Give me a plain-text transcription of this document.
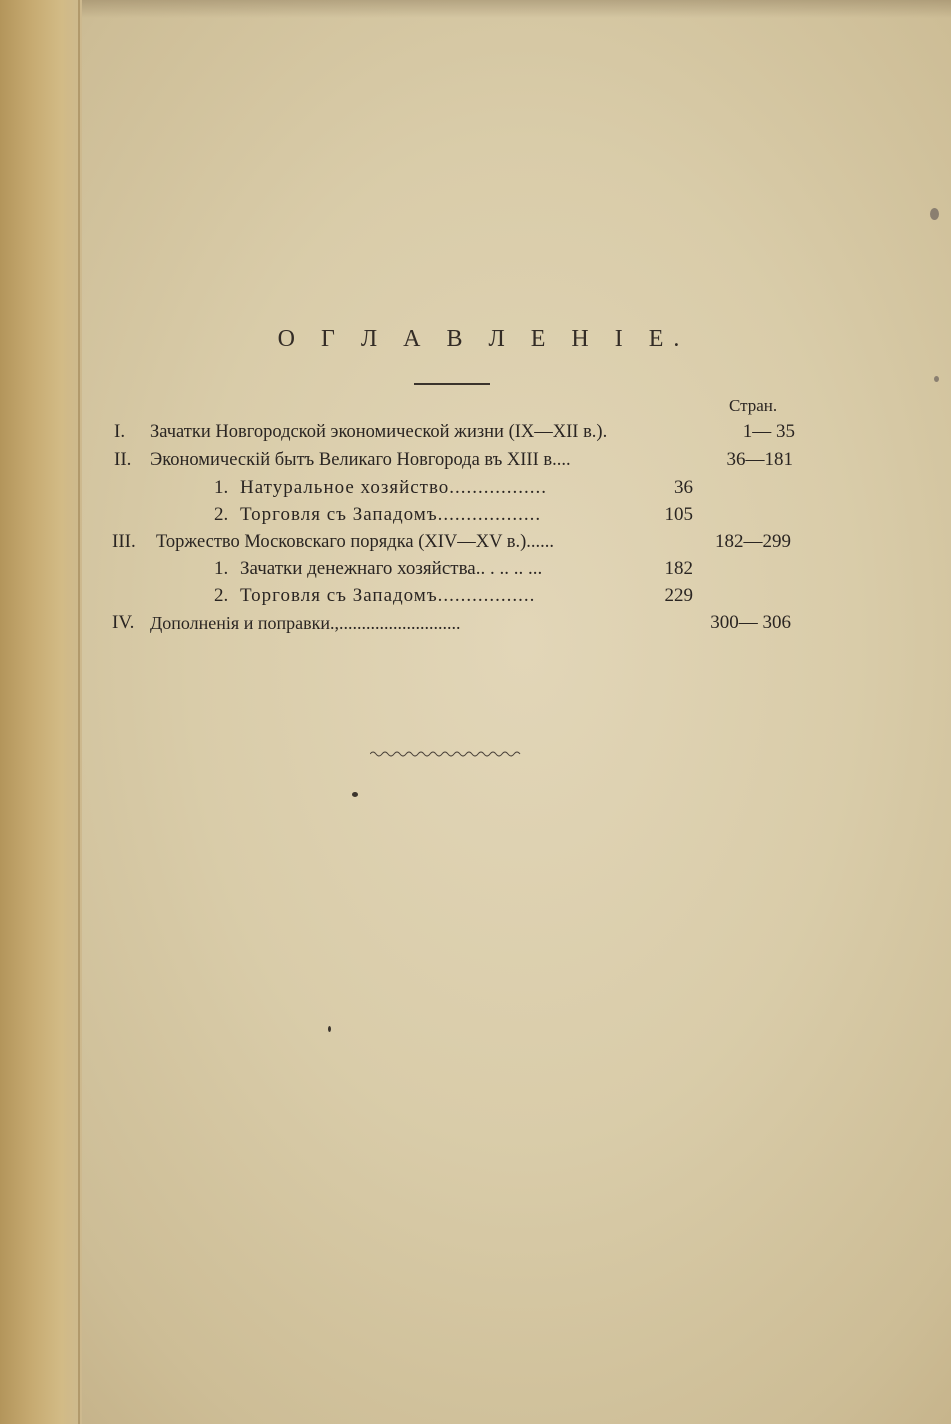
О Г Л А В Л Е Н І Е.
Стран.
I. Зачатки Новгородской экономической жизни (IX—XII в.).	1— 35
II. Экономическій бытъ Великаго Новгорода въ XIII в....	36—181
1. Натуральное хозяйство.................	36
2. Торговля съ Западомъ..................	105
III. Торжество Московскаго порядка (XIV—XV в.)......	182—299
1. Зачатки денежнаго хозяйства.. . .. .. ...	182
2. Торговля съ Западомъ.................	229
IV. Дополненія и поправки.,...........................	300— 306
